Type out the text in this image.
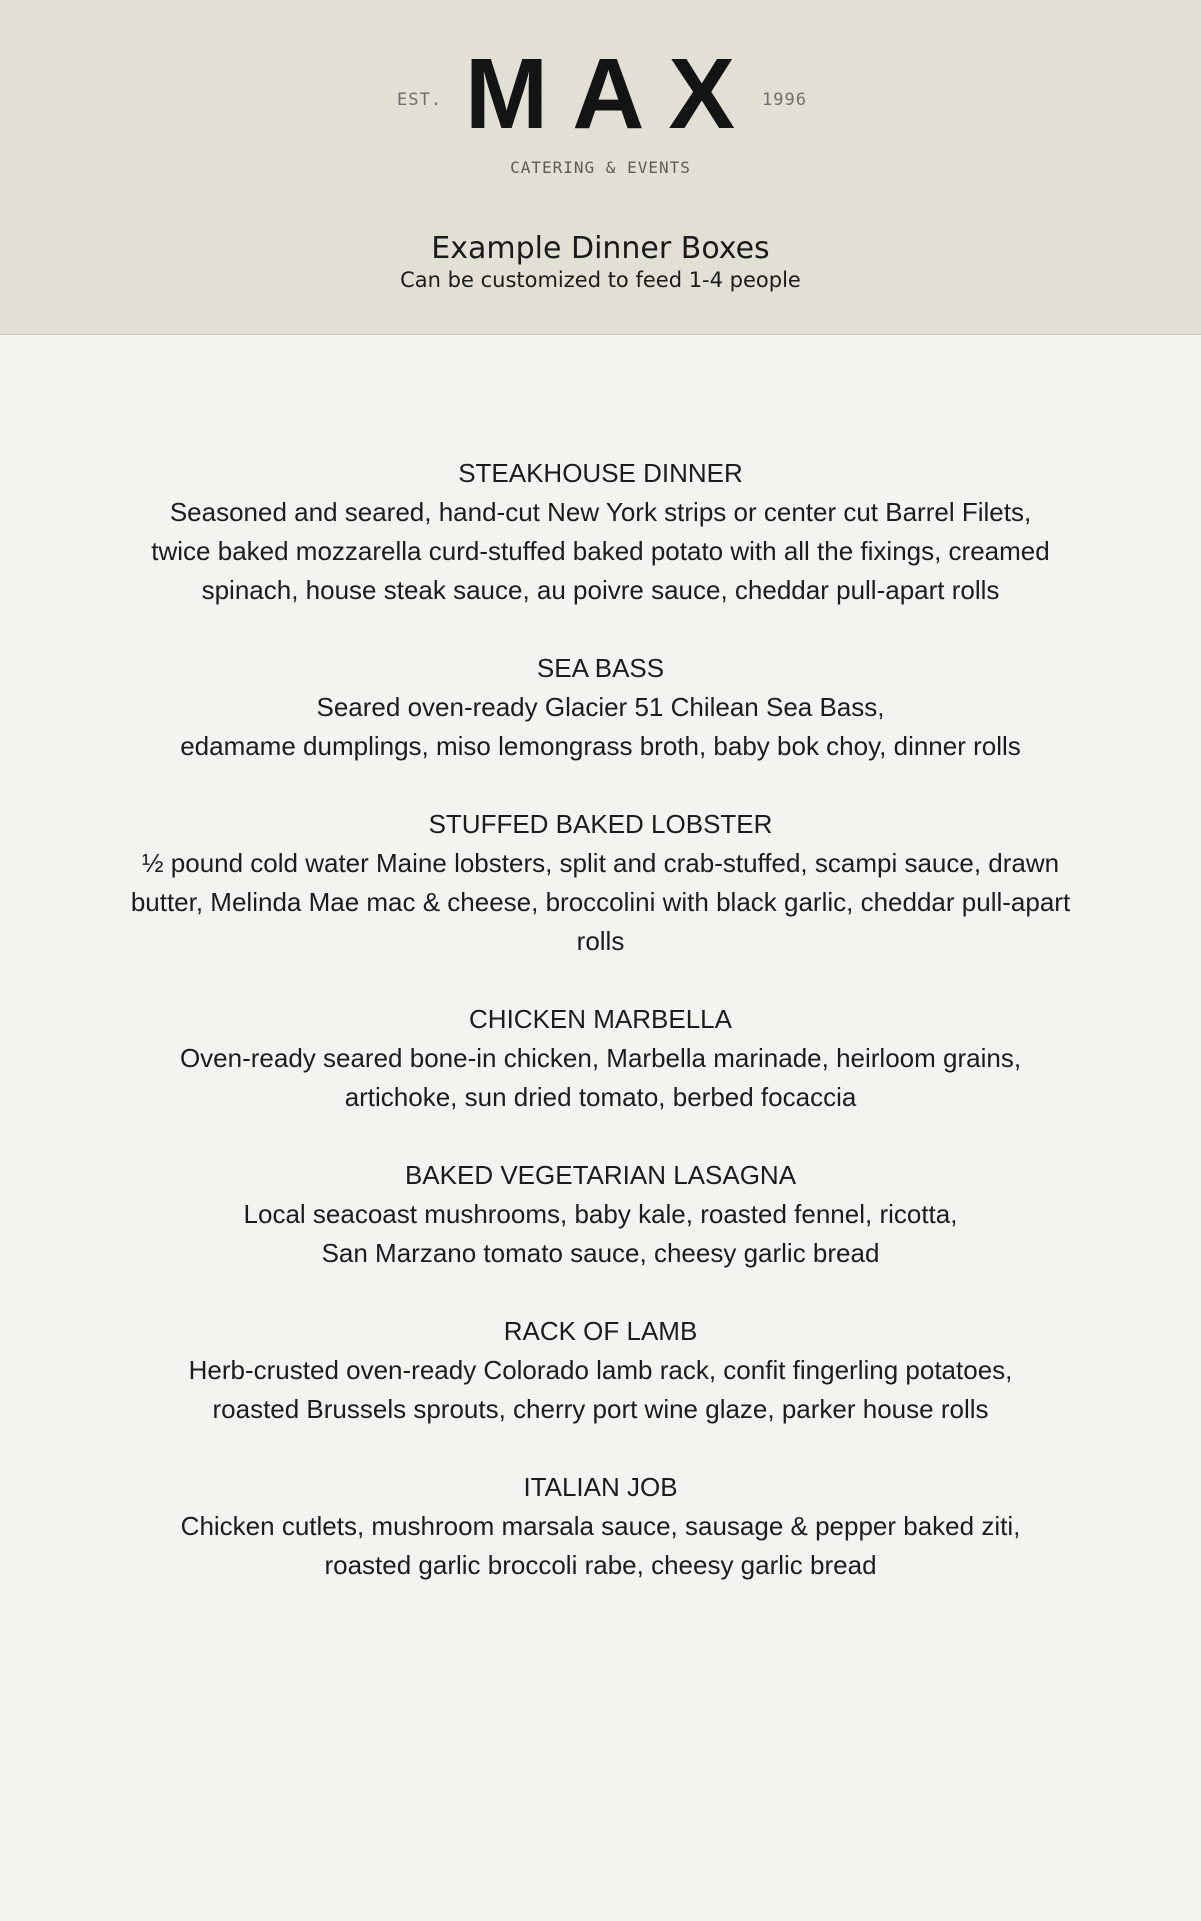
EST. MAX 1996
CATERING & EVENTS
Example Dinner Boxes
Can be customized to feed 1-4 people
STEAKHOUSE DINNER
Seasoned and seared, hand-cut New York strips or center cut Barrel Filets,
twice baked mozzarella curd-stuffed baked potato with all the fixings, creamed
spinach, house steak sauce, au poivre sauce, cheddar pull-apart rolls
SEA BASS
Seared oven-ready Glacier 51 Chilean Sea Bass,
edamame dumplings, miso lemongrass broth, baby bok choy, dinner rolls
STUFFED BAKED LOBSTER
½ pound cold water Maine lobsters, split and crab-stuffed, scampi sauce, drawn
butter, Melinda Mae mac & cheese, broccolini with black garlic, cheddar pull-apart
rolls
CHICKEN MARBELLA
Oven-ready seared bone-in chicken, Marbella marinade, heirloom grains,
artichoke, sun dried tomato, berbed focaccia
BAKED VEGETARIAN LASAGNA
Local seacoast mushrooms, baby kale, roasted fennel, ricotta,
San Marzano tomato sauce, cheesy garlic bread
RACK OF LAMB
Herb-crusted oven-ready Colorado lamb rack, confit fingerling potatoes,
roasted Brussels sprouts, cherry port wine glaze, parker house rolls
ITALIAN JOB
Chicken cutlets, mushroom marsala sauce, sausage & pepper baked ziti,
roasted garlic broccoli rabe, cheesy garlic bread
